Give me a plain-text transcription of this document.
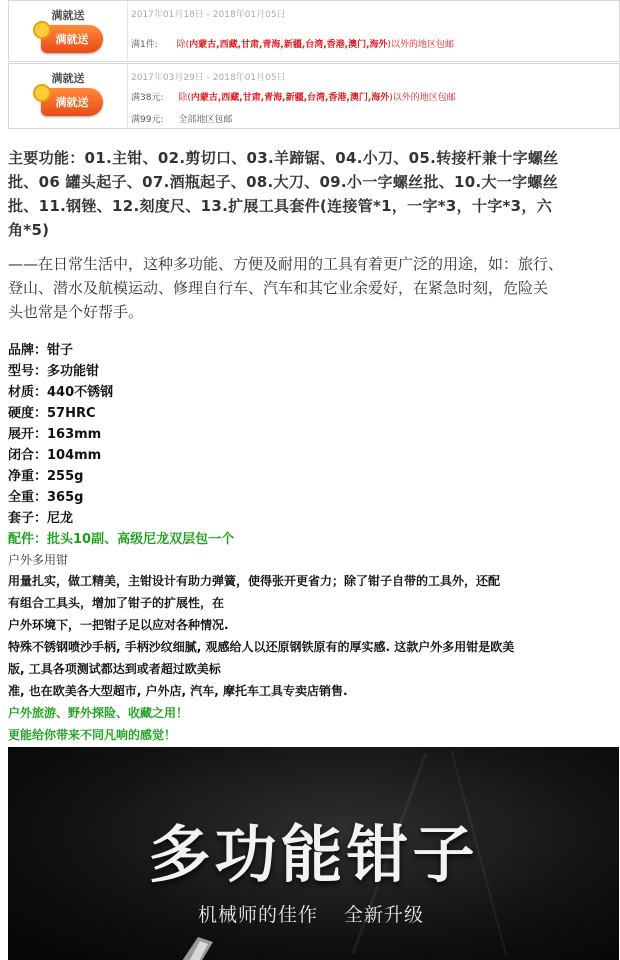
满就送
满就送
2017年01月18日 - 2018年01月05日
满1件: 除(内蒙古,西藏,甘肃,青海,新疆,台湾,香港,澳门,海外)以外的地区包邮
满就送
满就送
2017年03月29日 - 2018年01月05日
满38元: 除(内蒙古,西藏,甘肃,青海,新疆,台湾,香港,澳门,海外)以外的地区包邮
满99元: 全部地区包邮
主要功能：01.主钳、02.剪切口、03.羊蹄锯、04.小刀、05.转接杆兼十字螺丝
批、06 罐头起子、07.酒瓶起子、08.大刀、09.小一字螺丝批、10.大一字螺丝
批、11.钢锉、12.刻度尺、13.扩展工具套件(连接管*1，一字*3，十字*3，六
角*5)
——在日常生活中，这种多功能、方便及耐用的工具有着更广泛的用途，如：旅行、
登山、潜水及航模运动、修理自行车、汽车和其它业余爱好，在紧急时刻，危险关
头也常是个好帮手。
品牌：钳子
型号：多功能钳
材质：440不锈钢
硬度：57HRC
展开：163mm
闭合：104mm
净重：255g
全重：365g
套子：尼龙
配件：批头10副、高级尼龙双层包一个
户外多用钳
用量扎实，做工精美，主钳设计有助力弹簧，使得张开更省力；除了钳子自带的工具外，还配
有组合工具头，增加了钳子的扩展性，在
户外环境下，一把钳子足以应对各种情况.
特殊不锈钢喷沙手柄, 手柄沙纹细腻, 观感给人以还原钢铁原有的厚实感. 这款户外多用钳是欧美
版, 工具各项测试都达到或者超过欧美标
准, 也在欧美各大型超市, 户外店, 汽车, 摩托车工具专卖店销售.
户外旅游、野外探险、收藏之用！
更能给你带来不同凡响的感觉！
多功能钳子
机械师的佳作 全新升级
